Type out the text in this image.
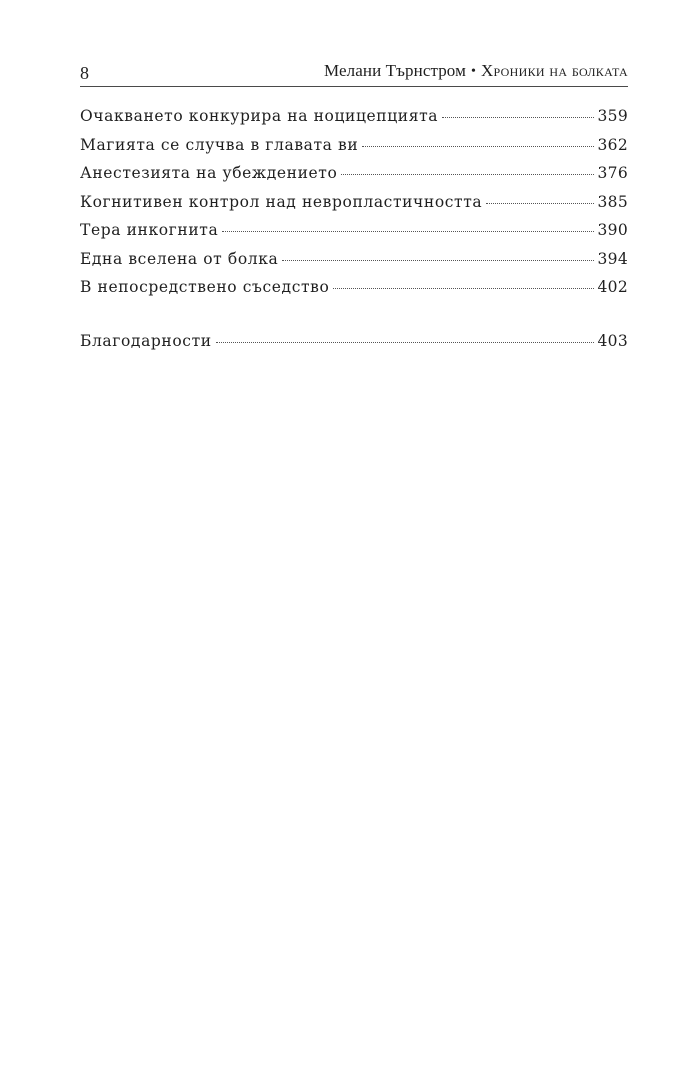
8	Мелани Търнстром • Хроники на болката
Очакването конкурира на ноцицепцията	359
Магията се случва в главата ви	362
Анестезията на убеждението	376
Когнитивен контрол над невропластичността	385
Тера инкогнита	390
Една вселена от болка	394
В непосредствено съседство	402
Благодарности	403
